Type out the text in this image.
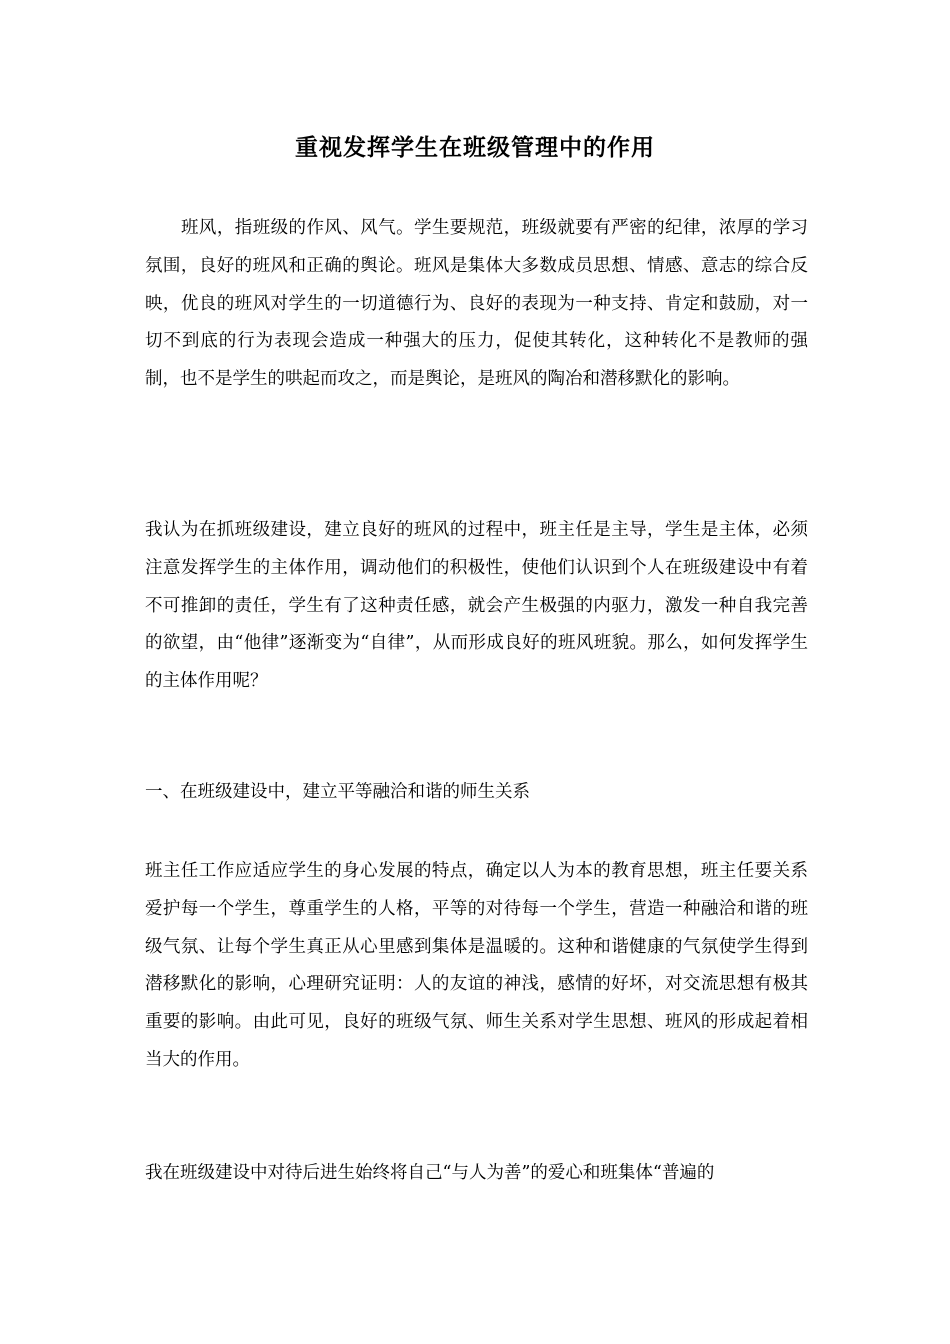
重视发挥学生在班级管理中的作用

班风，指班级的作风、风气。学生要规范，班级就要有严密的纪律，浓厚的学习氛围，良好的班风和正确的舆论。班风是集体大多数成员思想、情感、意志的综合反映，优良的班风对学生的一切道德行为、良好的表现为一种支持、肯定和鼓励，对一切不到底的行为表现会造成一种强大的压力，促使其转化，这种转化不是教师的强制，也不是学生的哄起而攻之，而是舆论，是班风的陶冶和潜移默化的影响。

我认为在抓班级建设，建立良好的班风的过程中，班主任是主导，学生是主体，必须注意发挥学生的主体作用，调动他们的积极性，使他们认识到个人在班级建设中有着不可推卸的责任，学生有了这种责任感，就会产生极强的内驱力，激发一种自我完善的欲望，由“他律”逐渐变为“自律”，从而形成良好的班风班貌。那么，如何发挥学生的主体作用呢？

一、在班级建设中，建立平等融洽和谐的师生关系

班主任工作应适应学生的身心发展的特点，确定以人为本的教育思想，班主任要关系爱护每一个学生，尊重学生的人格，平等的对待每一个学生，营造一种融洽和谐的班级气氛、让每个学生真正从心里感到集体是温暖的。这种和谐健康的气氛使学生得到潜移默化的影响，心理研究证明：人的友谊的神浅，感情的好坏，对交流思想有极其重要的影响。由此可见，良好的班级气氛、师生关系对学生思想、班风的形成起着相当大的作用。

我在班级建设中对待后进生始终将自己“与人为善”的爱心和班集体“普遍的
